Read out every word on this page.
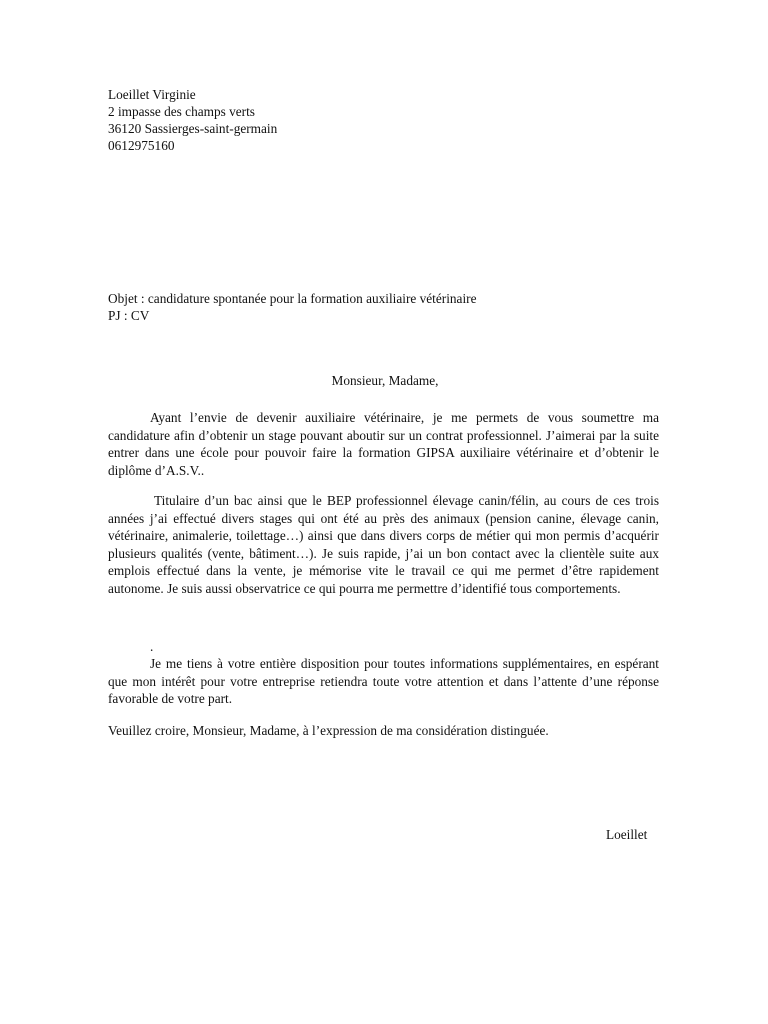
Loeillet Virginie
2 impasse des champs verts
36120 Sassierges-saint-germain
0612975160
Objet : candidature spontanée pour la formation auxiliaire vétérinaire
PJ : CV
Monsieur, Madame,
Ayant l’envie de devenir auxiliaire vétérinaire, je me permets de vous soumettre ma candidature afin d’obtenir un stage pouvant aboutir sur un contrat professionnel. J’aimerai par la suite entrer dans une école pour pouvoir faire la formation GIPSA auxiliaire vétérinaire et d’obtenir le diplôme d’A.S.V..
Titulaire d’un bac ainsi que le BEP professionnel élevage canin/félin, au cours de ces trois années j’ai effectué divers stages qui ont été au près des animaux (pension canine, élevage canin, vétérinaire, animalerie, toilettage…) ainsi que dans divers corps de métier qui mon permis d’acquérir plusieurs qualités (vente, bâtiment…). Je suis rapide, j’ai un bon contact avec la clientèle suite aux emplois effectué dans la vente, je mémorise vite le travail ce qui me permet d’être rapidement autonome. Je suis aussi observatrice ce qui pourra me permettre d’identifié tous comportements.
.
Je me tiens à votre entière disposition pour toutes informations supplémentaires, en espérant que mon intérêt pour votre entreprise retiendra toute votre attention et dans l’attente d’une réponse favorable de votre part.
Veuillez croire, Monsieur, Madame, à l’expression de ma considération distinguée.
Loeillet
